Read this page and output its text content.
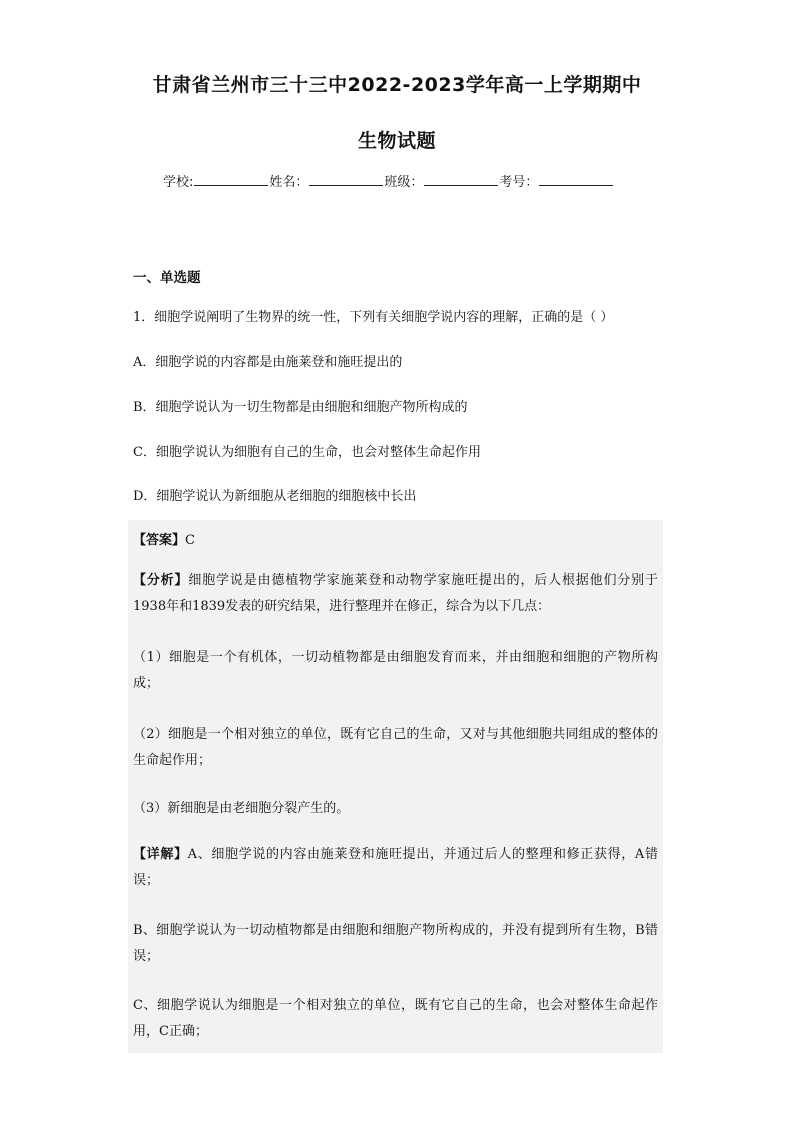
甘肃省兰州市三十三中2022-2023学年高一上学期期中
生物试题
学校:	姓名：	班级：	考号：
一、单选题
1．细胞学说阐明了生物界的统一性，下列有关细胞学说内容的理解，正确的是（ ）
A．细胞学说的内容都是由施莱登和施旺提出的
B．细胞学说认为一切生物都是由细胞和细胞产物所构成的
C．细胞学说认为细胞有自己的生命，也会对整体生命起作用
D．细胞学说认为新细胞从老细胞的细胞核中长出
【答案】C
【分析】细胞学说是由德植物学家施莱登和动物学家施旺提出的，后人根据他们分别于1938年和1839发表的研究结果，进行整理并在修正，综合为以下几点：
（1）细胞是一个有机体，一切动植物都是由细胞发育而来，并由细胞和细胞的产物所构成；
（2）细胞是一个相对独立的单位，既有它自己的生命，又对与其他细胞共同组成的整体的生命起作用；
（3）新细胞是由老细胞分裂产生的。
【详解】A、细胞学说的内容由施莱登和施旺提出，并通过后人的整理和修正获得，A错误；
B、细胞学说认为一切动植物都是由细胞和细胞产物所构成的，并没有提到所有生物，B错误；
C、细胞学说认为细胞是一个相对独立的单位，既有它自己的生命，也会对整体生命起作用，C正确；
